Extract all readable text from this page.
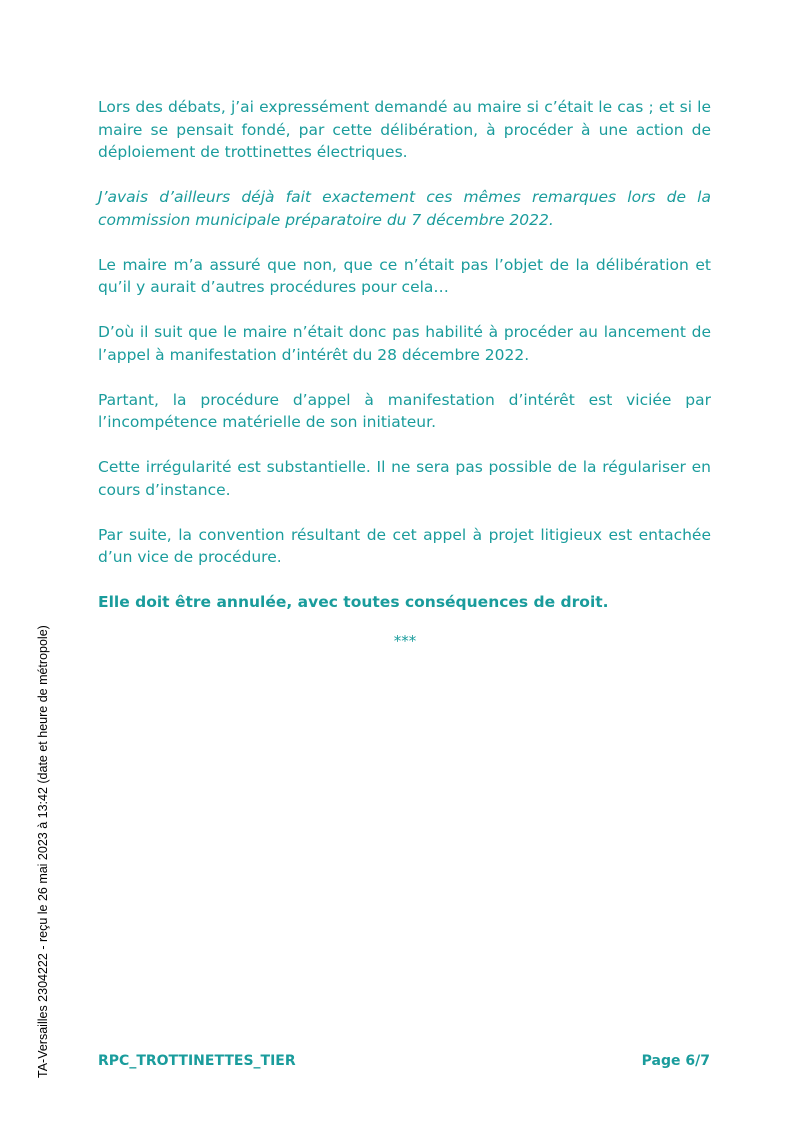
Lors des débats, j’ai expressément demandé au maire si c’était le cas ; et si le maire se pensait fondé, par cette délibération, à procéder à une action de déploiement de trottinettes électriques.

J’avais d’ailleurs déjà fait exactement ces mêmes remarques lors de la commission municipale préparatoire du 7 décembre 2022.

Le maire m’a assuré que non, que ce n’était pas l’objet de la délibération et qu’il y aurait d’autres procédures pour cela…

D’où il suit que le maire n’était donc pas habilité à procéder au lancement de l’appel à manifestation d’intérêt du 28 décembre 2022.

Partant, la procédure d’appel à manifestation d’intérêt est viciée par l’incompétence matérielle de son initiateur.

Cette irrégularité est substantielle. Il ne sera pas possible de la régulariser en cours d’instance.

Par suite, la convention résultant de cet appel à projet litigieux est entachée d’un vice de procédure.

Elle doit être annulée, avec toutes conséquences de droit.

***
RPC_TROTTINETTES_TIER	Page 6/7
TA-Versailles 2304222 - reçu le 26 mai 2023 à 13:42 (date et heure de métropole)
